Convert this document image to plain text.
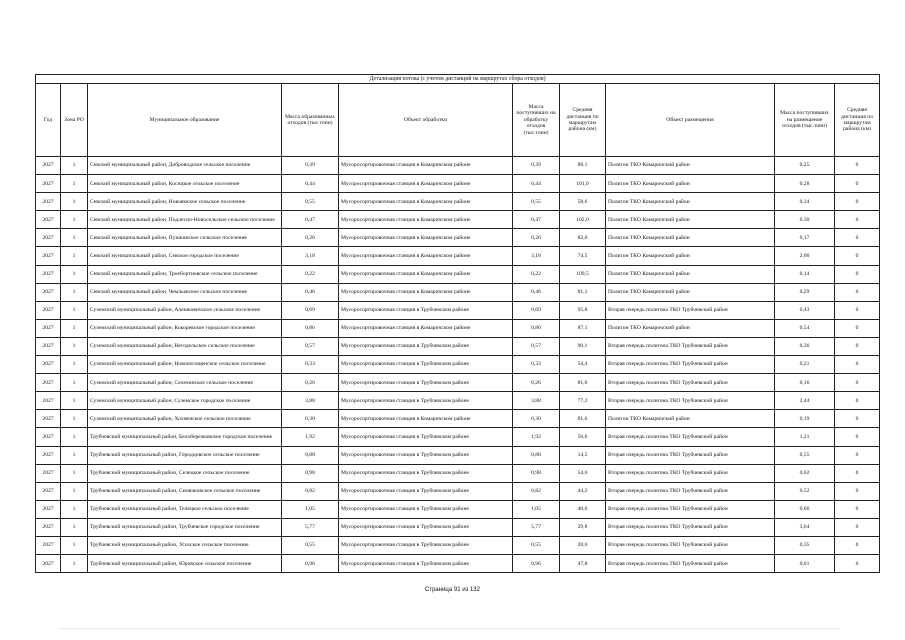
Детализация потока (с учетом дистанций на маршрутах сбора отходов)									
Год	Зона РО	Муниципальное образование	Масса образованных отходов (тыс.тонн)	Объект обработки	Масса поступивших на обработку отходов (тыс.тонн)	Средняя дистанция по маршрутам района (км)	Объект размещения	Масса поступивших на размещение отходов (тыс.тонн)	Средняя дистанция по маршрутам района (км)
2027	1	Севский муниципальный район, Доброводское сельское поселение	0,39	Мусоросортировочная станция в Комаричском районе	0,39	88,1	Полигон ТКО Комаричский район	0,25	0
2027	1	Севский муниципальный район, Косицкое сельское поселение	0,44	Мусоросортировочная станция в Комаричском районе	0,44	101,0	Полигон ТКО Комаричский район	0,28	0
2027	1	Севский муниципальный район, Новоямское сельское поселение	0,55	Мусоросортировочная станция в Комаричском районе	0,55	58,6	Полигон ТКО Комаричский район	0,34	0
2027	1	Севский муниципальный район, Подлесно-Новосельское сельское поселение	0,47	Мусоросортировочная станция в Комаричском районе	0,47	102,0	Полигон ТКО Комаричский район	0,30	0
2027	1	Севский муниципальный район, Пушкинское сельское поселение	0,26	Мусоросортировочная станция в Комаричском районе	0,26	82,0	Полигон ТКО Комаричский район	0,17	0
2027	1	Севский муниципальный район, Севское городское поселение	3,18	Мусоросортировочная станция в Комаричском районе	3,18	74,5	Полигон ТКО Комаричский район	2,00	0
2027	1	Севский муниципальный район, Троебортновское сельское поселение	0,22	Мусоросортировочная станция в Комаричском районе	0,22	109,5	Полигон ТКО Комаричский район	0,14	0
2027	1	Севский муниципальный район, Чемлыжское сельское поселение	0,46	Мусоросортировочная станция в Комаричском районе	0,46	81,1	Полигон ТКО Комаричский район	0,29	0
2027	1	Суземский муниципальный район, Алешковичское сельское поселение	0,69	Мусоросортировочная станция в Трубчевском районе	0,69	95,8	Вторая очередь полигона ТКО Трубчевский район	0,43	0
2027	1	Суземский муниципальный район, Кокоревское городское поселение	0,86	Мусоросортировочная станция в Комаричском районе	0,86	87,1	Полигон ТКО Комаричский район	0,54	0
2027	1	Суземский муниципальный район, Негодельское сельское поселение	0,57	Мусоросортировочная станция в Трубчевском районе	0,57	90,1	Вторая очередь полигона ТКО Трубчевский район	0,36	0
2027	1	Суземский муниципальный район, Новопогощенское сельское поселение	0,33	Мусоросортировочная станция в Трубчевском районе	0,33	54,4	Вторая очередь полигона ТКО Трубчевский район	0,21	0
2027	1	Суземский муниципальный район, Селечинское сельское поселение	0,26	Мусоросортировочная станция в Трубчевском районе	0,26	81,6	Вторая очередь полигона ТКО Трубчевский район	0,16	0
2027	1	Суземский муниципальный район, Суземское городское поселение	3,88	Мусоросортировочная станция в Трубчевском районе	3,88	77,2	Вторая очередь полигона ТКО Трубчевский район	2,44	0
2027	1	Суземский муниципальный район, Холмечское сельское поселение	0,30	Мусоросортировочная станция в Комаричском районе	0,30	81,6	Полигон ТКО Комаричский район	0,19	0
2027	1	Трубчевский муниципальный район, Белоберезковское городское поселение	1,92	Мусоросортировочная станция в Трубчевском районе	1,92	56,6	Вторая очередь полигона ТКО Трубчевский район	1,21	0
2027	1	Трубчевский муниципальный район, Городцовское сельское поселение	0,88	Мусоросортировочная станция в Трубчевском районе	0,88	14,5	Вторая очередь полигона ТКО Трубчевский район	0,55	0
2027	1	Трубчевский муниципальный район, Селецкое сельское поселение	0,98	Мусоросортировочная станция в Трубчевском районе	0,98	54,6	Вторая очередь полигона ТКО Трубчевский район	0,62	0
2027	1	Трубчевский муниципальный район, Семячковское сельское поселение	0,82	Мусоросортировочная станция в Трубчевском районе	0,82	44,2	Вторая очередь полигона ТКО Трубчевский район	0,52	0
2027	1	Трубчевский муниципальный район, Телецкое сельское поселение	1,05	Мусоросортировочная станция в Трубчевском районе	1,05	40,0	Вторая очередь полигона ТКО Трубчевский район	0,66	0
2027	1	Трубчевский муниципальный район, Трубчевское городское поселение	5,77	Мусоросортировочная станция в Трубчевском районе	5,77	29,8	Вторая очередь полигона ТКО Трубчевский район	3,64	0
2027	1	Трубчевский муниципальный район, Усохское сельское поселение	0,55	Мусоросортировочная станция в Трубчевском районе	0,55	20,6	Вторая очередь полигона ТКО Трубчевский район	0,35	0
2027	1	Трубчевский муниципальный район, Юровское сельское поселение	0,96	Мусоросортировочная станция в Трубчевском районе	0,96	47,8	Вторая очередь полигона ТКО Трубчевский район	0,61	0
Страница 91 из 132
